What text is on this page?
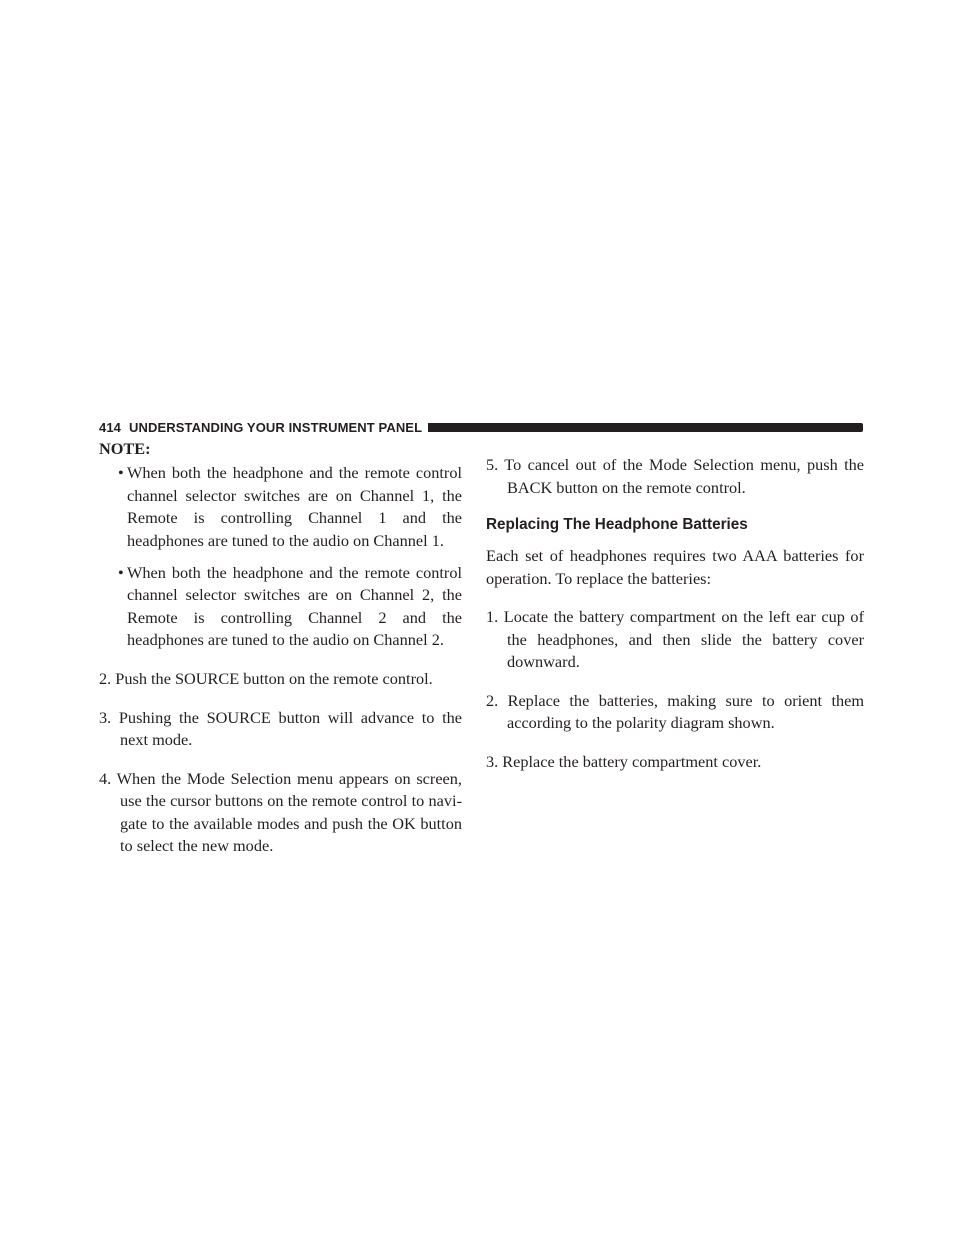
414 UNDERSTANDING YOUR INSTRUMENT PANEL
NOTE:
• When both the headphone and the remote control channel selector switches are on Channel 1, the Remote is controlling Channel 1 and the headphones are tuned to the audio on Channel 1.
• When both the headphone and the remote control channel selector switches are on Channel 2, the Remote is controlling Channel 2 and the headphones are tuned to the audio on Channel 2.

2. Push the SOURCE button on the remote control.

3. Pushing the SOURCE button will advance to the next mode.

4. When the Mode Selection menu appears on screen, use the cursor buttons on the remote control to navi-gate to the available modes and push the OK button to select the new mode.

5. To cancel out of the Mode Selection menu, push the BACK button on the remote control.

Replacing The Headphone Batteries

Each set of headphones requires two AAA batteries for operation. To replace the batteries:

1. Locate the battery compartment on the left ear cup of the headphones, and then slide the battery cover downward.

2. Replace the batteries, making sure to orient them according to the polarity diagram shown.

3. Replace the battery compartment cover.
